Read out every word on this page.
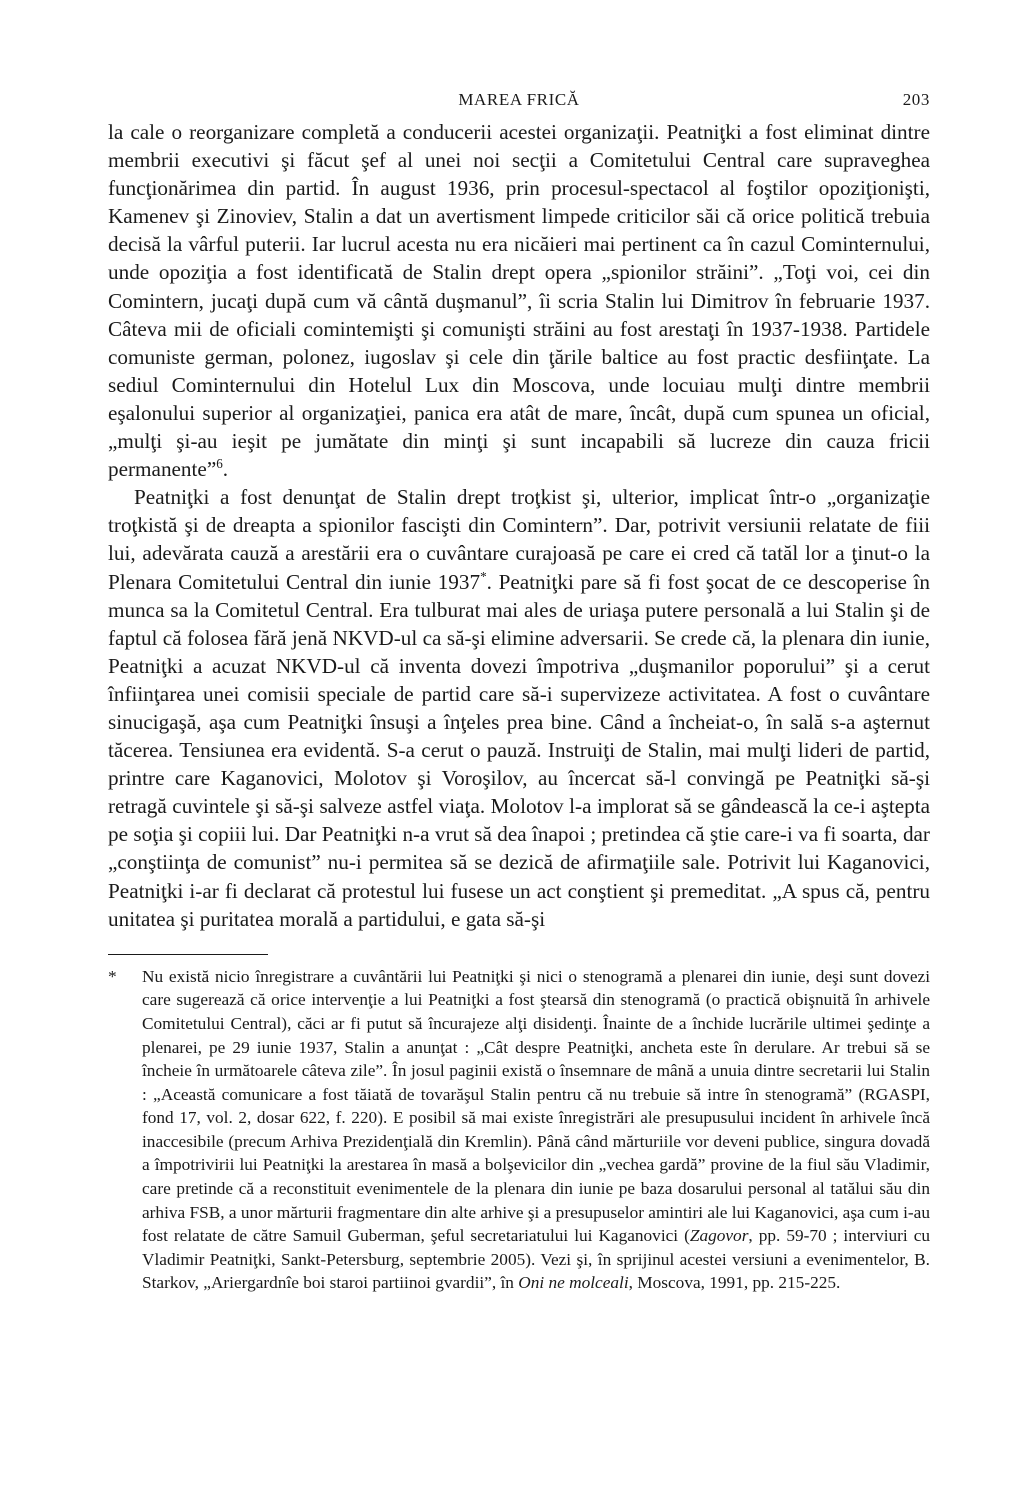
MAREA FRICĂ	203

la cale o reorganizare completă a conducerii acestei organizaţii. Peatniţki a fost eliminat dintre membrii executivi şi făcut şef al unei noi secţii a Comitetului Central care supraveghea funcţionărimea din partid. În august 1936, prin procesul-spectacol al foştilor opoziţionişti, Kamenev şi Zinoviev, Stalin a dat un avertisment limpede criticilor săi că orice politică trebuia decisă la vârful puterii. Iar lucrul acesta nu era nicăieri mai pertinent ca în cazul Cominternului, unde opoziţia a fost identificată de Stalin drept opera „spionilor străini”. „Toţi voi, cei din Comintern, jucaţi după cum vă cântă duşmanul”, îi scria Stalin lui Dimitrov în februarie 1937. Câteva mii de oficiali comintemişti şi comunişti străini au fost arestaţi în 1937-1938. Partidele comuniste german, polonez, iugoslav şi cele din ţările baltice au fost practic desfiinţate. La sediul Cominternului din Hotelul Lux din Moscova, unde locuiau mulţi dintre membrii eşalonului superior al organizaţiei, panica era atât de mare, încât, după cum spunea un oficial, „mulţi şi-au ieşit pe jumătate din minţi şi sunt incapabili să lucreze din cauza fricii permanente”$^6$.

Peatniţki a fost denunţat de Stalin drept troţkist şi, ulterior, implicat într-o „organizaţie troţkistă şi de dreapta a spionilor fascişti din Comintern”. Dar, potrivit versiunii relatate de fiii lui, adevărata cauză a arestării era o cuvântare curajoasă pe care ei cred că tatăl lor a ţinut-o la Plenara Comitetului Central din iunie 1937*. Peatniţki pare să fi fost şocat de ce descoperise în munca sa la Comitetul Central. Era tulburat mai ales de uriaşa putere personală a lui Stalin şi de faptul că folosea fără jenă NKVD-ul ca să-şi elimine adversarii. Se crede că, la plenara din iunie, Peatniţki a acuzat NKVD-ul că inventa dovezi împotriva „duşmanilor poporului” şi a cerut înfiinţarea unei comisii speciale de partid care să-i supervizeze activitatea. A fost o cuvântare sinucigaşă, aşa cum Peatniţki însuşi a înţeles prea bine. Când a încheiat-o, în sală s-a aşternut tăcerea. Tensiunea era evidentă. S-a cerut o pauză. Instruiţi de Stalin, mai mulţi lideri de partid, printre care Kaganovici, Molotov şi Voroşilov, au încercat să-l convingă pe Peatniţki să-şi retragă cuvintele şi să-şi salveze astfel viaţa. Molotov l-a implorat să se gândească la ce-i aştepta pe soţia şi copiii lui. Dar Peatniţki n-a vrut să dea înapoi ; pretindea că ştie care-i va fi soarta, dar „conştiinţa de comunist” nu-i permitea să se dezică de afirmaţiile sale. Potrivit lui Kaganovici, Peatniţki i-ar fi declarat că protestul lui fusese un act conştient şi premeditat. „A spus că, pentru unitatea şi puritatea morală a partidului, e gata să-şi

* Nu există nicio înregistrare a cuvântării lui Peatniţki şi nici o stenogramă a plenarei din iunie, deşi sunt dovezi care sugerează că orice intervenţie a lui Peatniţki a fost ştearsă din stenogramă (o practică obişnuită în arhivele Comitetului Central), căci ar fi putut să încurajeze alţi disidenţi. Înainte de a închide lucrările ultimei şedinţe a plenarei, pe 29 iunie 1937, Stalin a anunţat : „Cât despre Peatniţki, ancheta este în derulare. Ar trebui să se încheie în următoarele câteva zile”. În josul paginii există o însemnare de mână a unuia dintre secretarii lui Stalin : „Această comunicare a fost tăiată de tovarăşul Stalin pentru că nu trebuie să intre în stenogramă” (RGASPI, fond 17, vol. 2, dosar 622, f. 220). E posibil să mai existe înregistrări ale presupusului incident în arhivele încă inaccesibile (precum Arhiva Prezidenţială din Kremlin). Până când mărturiile vor deveni publice, singura dovadă a împotrivirii lui Peatniţki la arestarea în masă a bolşevicilor din „vechea gardă” provine de la fiul său Vladimir, care pretinde că a reconstituit evenimentele de la plenara din iunie pe baza dosarului personal al tatălui său din arhiva FSB, a unor mărturii fragmentare din alte arhive şi a presupuselor amintiri ale lui Kaganovici, aşa cum i-au fost relatate de către Samuil Guberman, şeful secretariatului lui Kaganovici (Zagovor, pp. 59-70 ; interviuri cu Vladimir Peatniţki, Sankt-Petersburg, septembrie 2005). Vezi şi, în sprijinul acestei versiuni a evenimentelor, B. Starkov, „Ariergardnîe boi staroi partiinoi gvardii”, în Oni ne molceali, Moscova, 1991, pp. 215-225.
